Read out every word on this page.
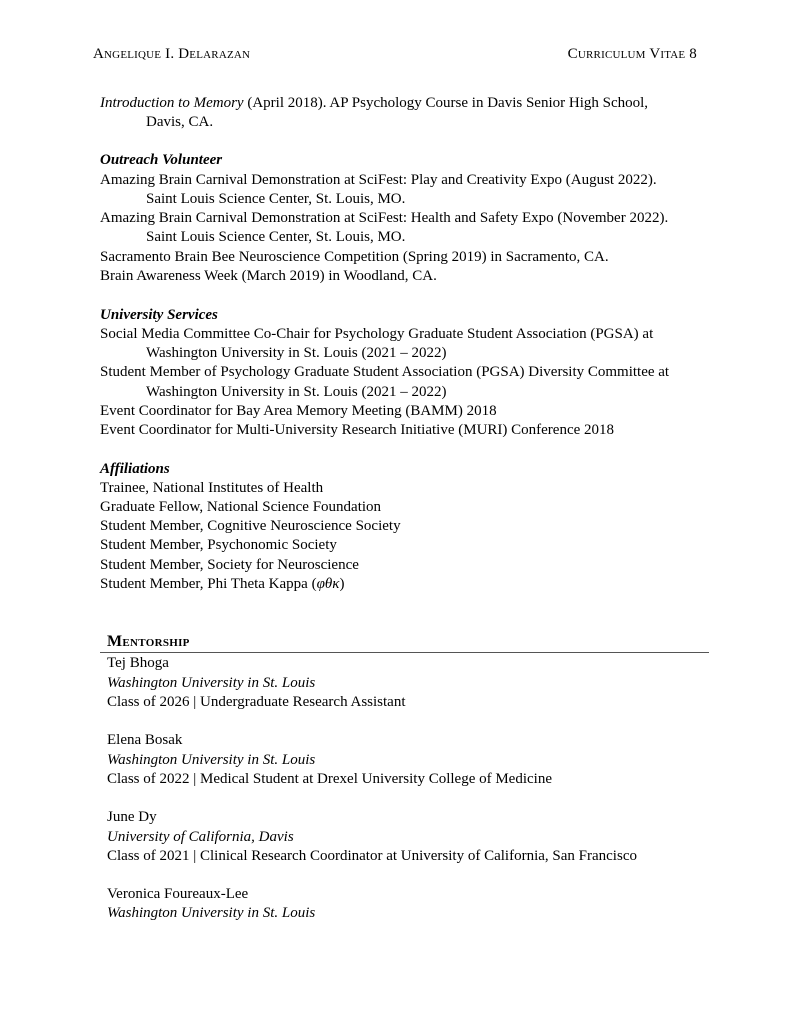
Angelique I. Delarazan	Curriculum Vitae 8
Introduction to Memory (April 2018). AP Psychology Course in Davis Senior High School,
Davis, CA.
Outreach Volunteer
Amazing Brain Carnival Demonstration at SciFest: Play and Creativity Expo (August 2022).
Saint Louis Science Center, St. Louis, MO.
Amazing Brain Carnival Demonstration at SciFest: Health and Safety Expo (November 2022).
Saint Louis Science Center, St. Louis, MO.
Sacramento Brain Bee Neuroscience Competition (Spring 2019) in Sacramento, CA.
Brain Awareness Week (March 2019) in Woodland, CA.
University Services
Social Media Committee Co-Chair for Psychology Graduate Student Association (PGSA) at
Washington University in St. Louis (2021 – 2022)
Student Member of Psychology Graduate Student Association (PGSA) Diversity Committee at
Washington University in St. Louis (2021 – 2022)
Event Coordinator for Bay Area Memory Meeting (BAMM) 2018
Event Coordinator for Multi-University Research Initiative (MURI) Conference 2018
Affiliations
Trainee, National Institutes of Health
Graduate Fellow, National Science Foundation
Student Member, Cognitive Neuroscience Society
Student Member, Psychonomic Society
Student Member, Society for Neuroscience
Student Member, Phi Theta Kappa (φθκ)
Mentorship
Tej Bhoga
Washington University in St. Louis
Class of 2026 | Undergraduate Research Assistant
Elena Bosak
Washington University in St. Louis
Class of 2022 | Medical Student at Drexel University College of Medicine
June Dy
University of California, Davis
Class of 2021 | Clinical Research Coordinator at University of California, San Francisco
Veronica Foureaux-Lee
Washington University in St. Louis
